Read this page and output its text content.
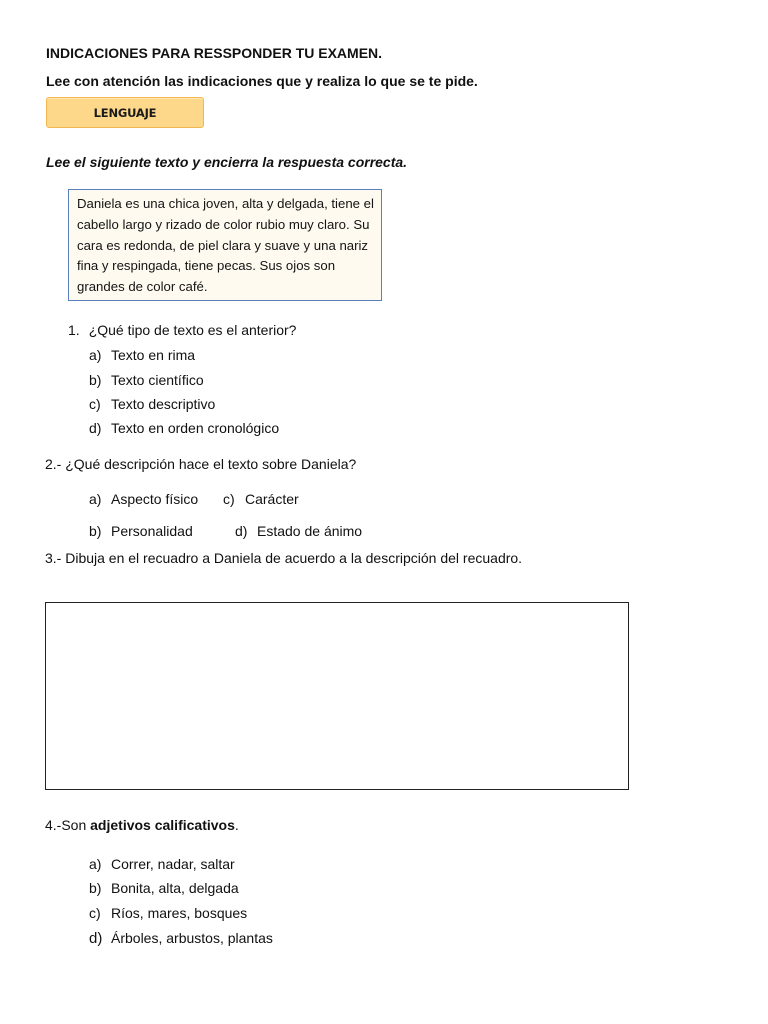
INDICACIONES PARA RESSPONDER TU EXAMEN.
Lee con atención las indicaciones que y realiza lo que se te pide.
LENGUAJE
Lee el siguiente texto y encierra la respuesta correcta.
Daniela es una chica joven, alta y delgada, tiene el cabello largo y rizado de color rubio muy claro. Su cara es redonda, de piel clara y suave y una nariz fina y respingada, tiene pecas. Sus ojos son grandes de color café.
1. ¿Qué tipo de texto es el anterior?
a) Texto en rima
b) Texto científico
c) Texto descriptivo
d) Texto en orden cronológico
2.- ¿Qué descripción hace el texto sobre Daniela?
a) Aspecto físico c) Carácter
b) Personalidad	d) Estado de ánimo
3.- Dibuja en el recuadro a Daniela de acuerdo a la descripción del recuadro.
4.-Son adjetivos calificativos.
a) Correr, nadar, saltar
b) Bonita, alta, delgada
c) Ríos, mares, bosques
d) Árboles, arbustos, plantas
